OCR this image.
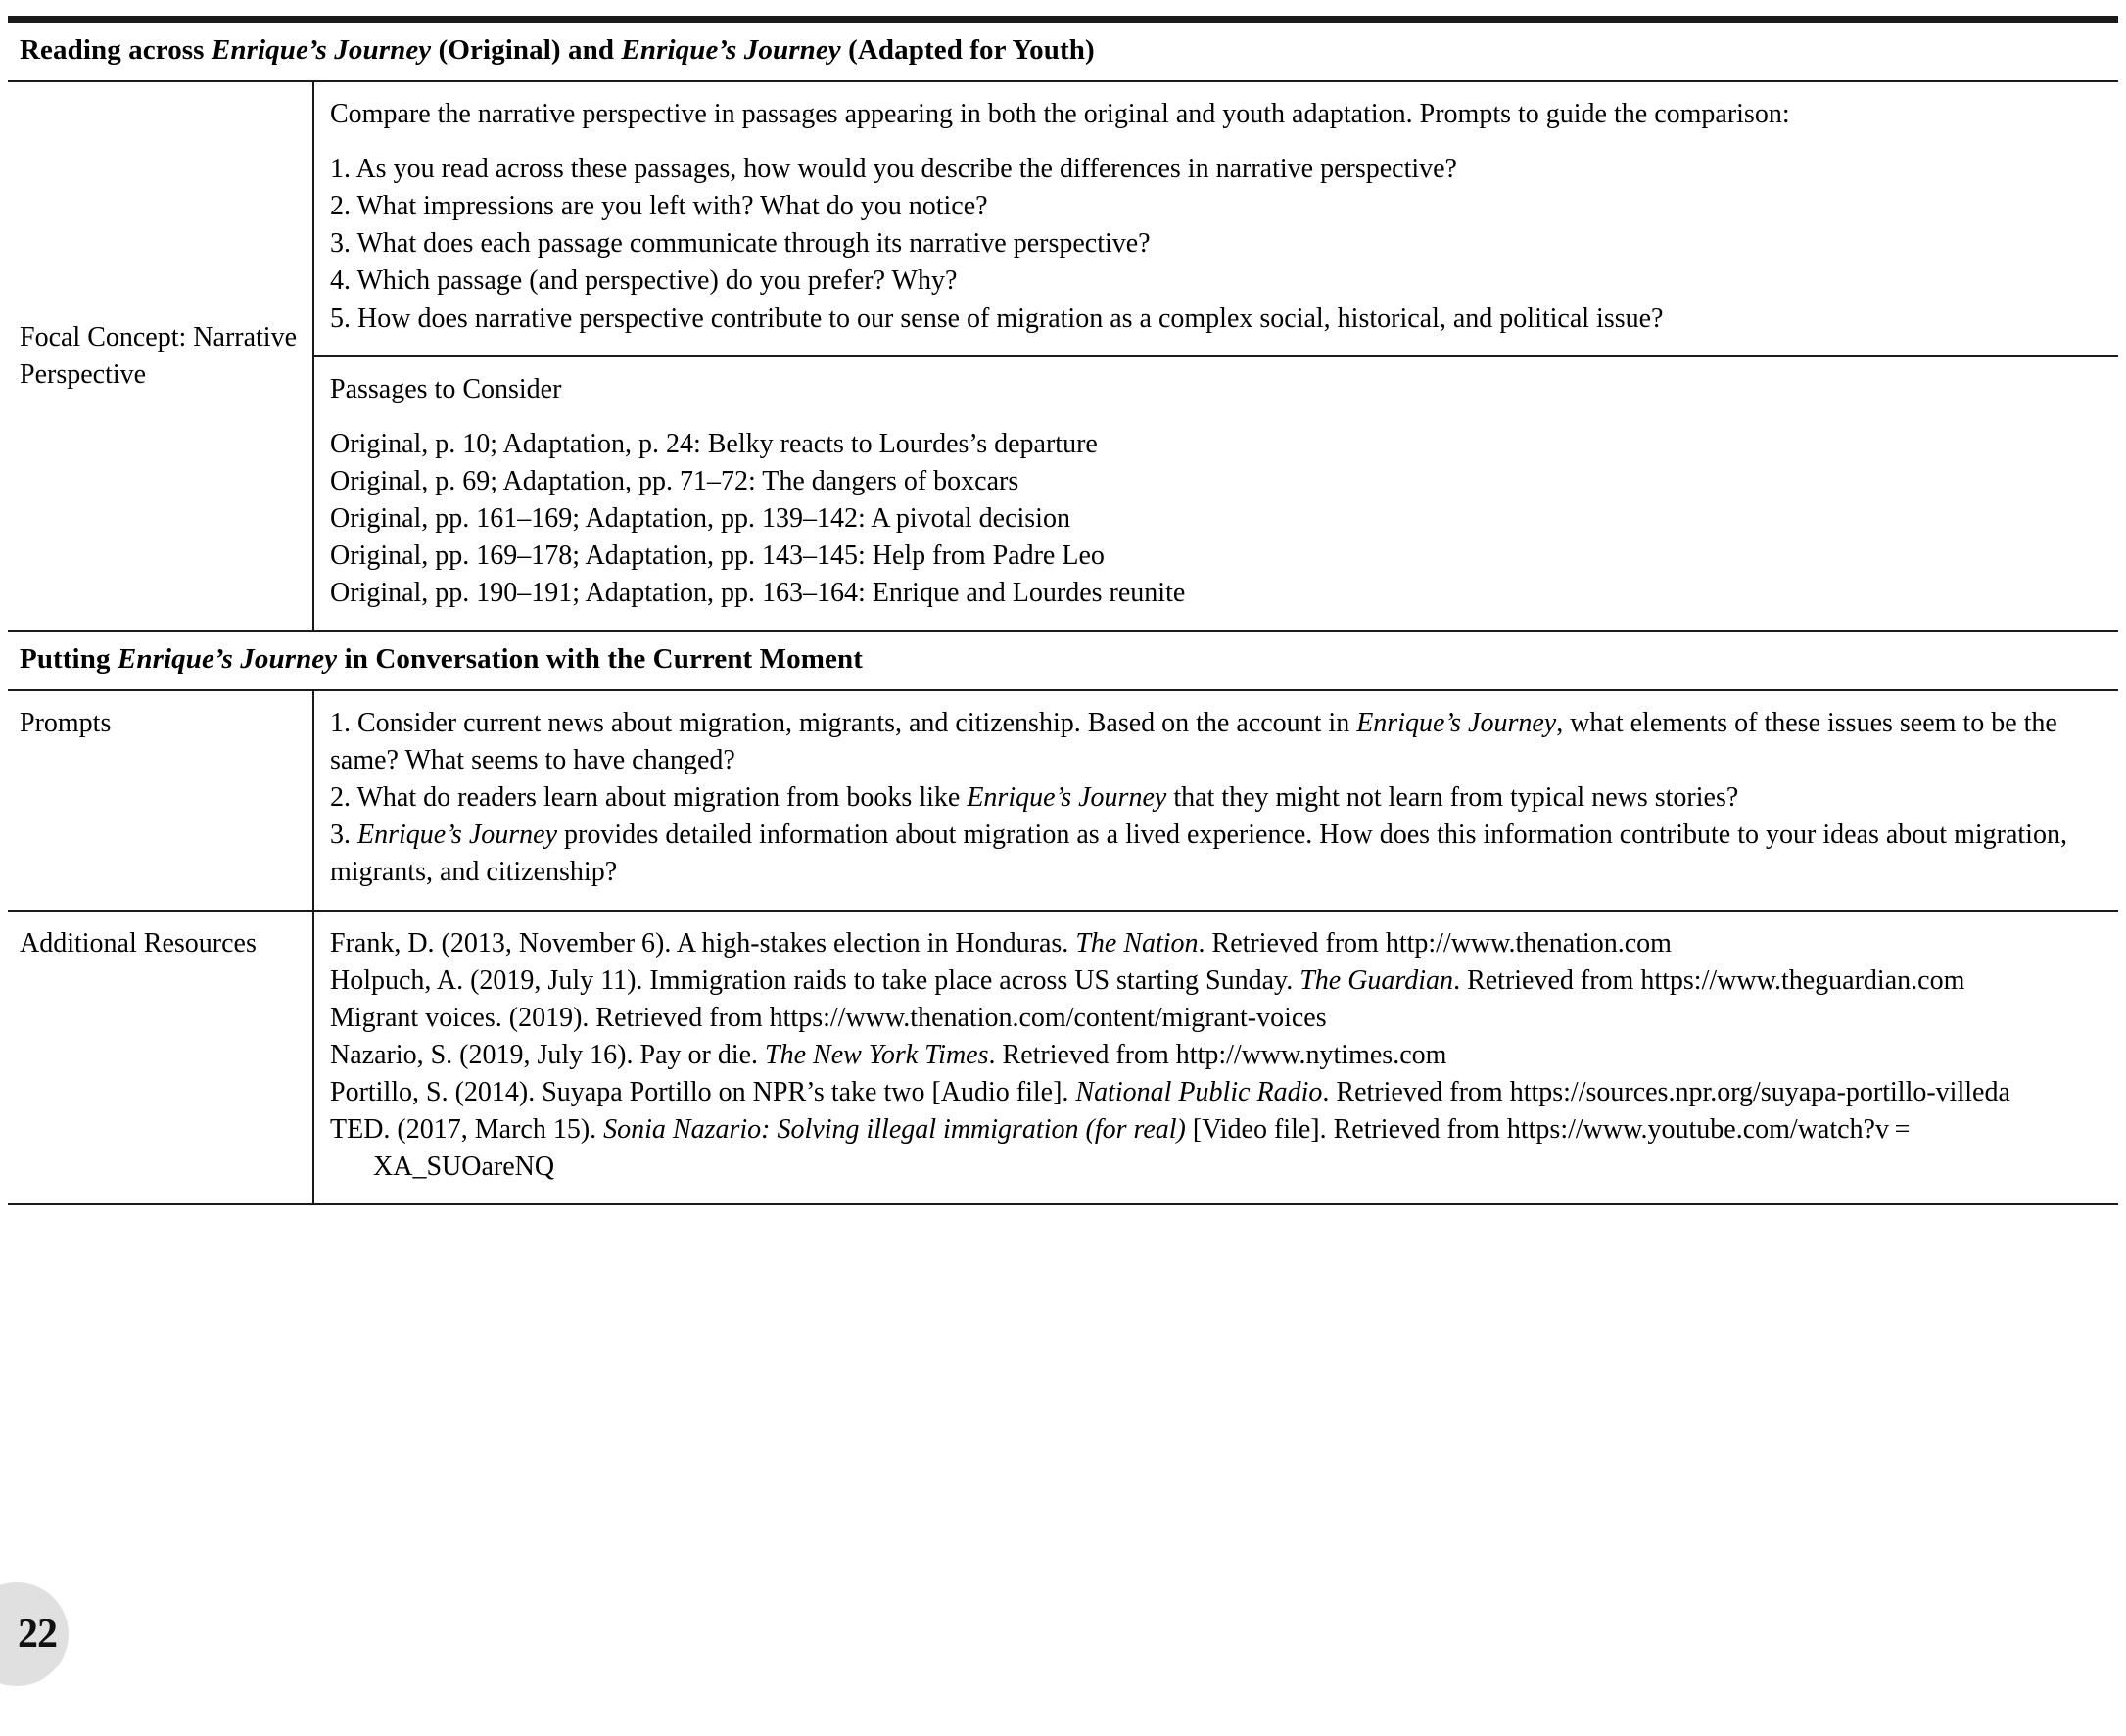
Reading across Enrique’s Journey (Original) and Enrique’s Journey (Adapted for Youth)
Focal Concept: Narrative Perspective

Compare the narrative perspective in passages appearing in both the original and youth adaptation. Prompts to guide the comparison:

1. As you read across these passages, how would you describe the differences in narrative perspective?

2. What impressions are you left with? What do you notice?

3. What does each passage communicate through its narrative perspective?

4. Which passage (and perspective) do you prefer? Why?

5. How does narrative perspective contribute to our sense of migration as a complex social, historical, and political issue?

Passages to Consider

Original, p. 10; Adaptation, p. 24: Belky reacts to Lourdes’s departure

Original, p. 69; Adaptation, pp. 71–72: The dangers of boxcars

Original, pp. 161–169; Adaptation, pp. 139–142: A pivotal decision

Original, pp. 169–178; Adaptation, pp. 143–145: Help from Padre Leo

Original, pp. 190–191; Adaptation, pp. 163–164: Enrique and Lourdes reunite

Putting Enrique’s Journey in Conversation with the Current Moment
Prompts	1. Consider current news about migration, migrants, and citizenship. Based on the account in Enrique’s Journey, what elements of these issues seem to be the same? What seems to have changed?

2. What do readers learn about migration from books like Enrique’s Journey that they might not learn from typical news stories?

3. Enrique’s Journey provides detailed information about migration as a lived experience. How does this information contribute to your ideas about migration, migrants, and citizenship?

Additional Resources	Frank, D. (2013, November 6). A high-stakes election in Honduras. The Nation. Retrieved from http://www.thenation.com

Holpuch, A. (2019, July 11). Immigration raids to take place across US starting Sunday. The Guardian. Retrieved from https://www.theguardian.com

Migrant voices. (2019). Retrieved from https://www.thenation.com/content/migrant-voices

Nazario, S. (2019, July 16). Pay or die. The New York Times. Retrieved from http://www.nytimes.com

Portillo, S. (2014). Suyapa Portillo on NPR’s take two [Audio file]. National Public Radio. Retrieved from https://sources.npr.org/suyapa-portillo-villeda

TED. (2017, March 15). Sonia Nazario: Solving illegal immigration (for real) [Video file]. Retrieved from https://www.youtube.com/watch?v = XA_SUOareNQ

22
